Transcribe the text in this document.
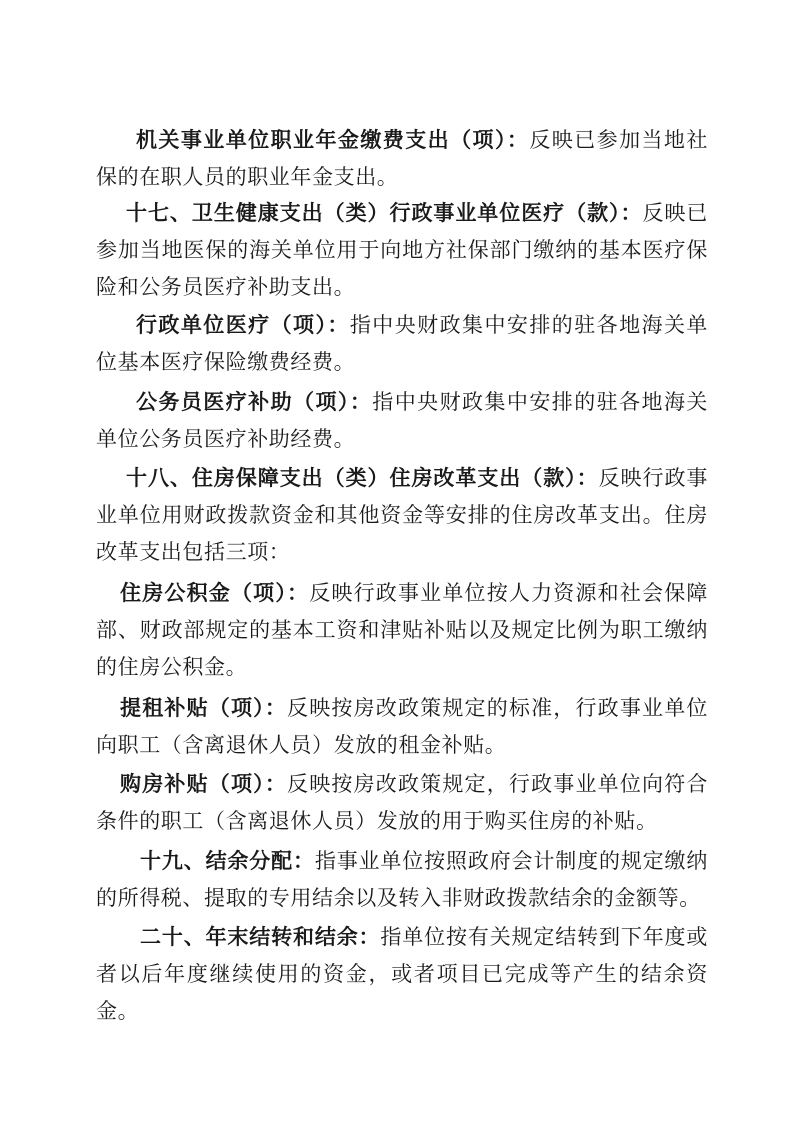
机关事业单位职业年金缴费支出（项）：反映已参加当地社保的在职人员的职业年金支出。

十七、卫生健康支出（类）行政事业单位医疗（款）：反映已参加当地医保的海关单位用于向地方社保部门缴纳的基本医疗保险和公务员医疗补助支出。

行政单位医疗（项）：指中央财政集中安排的驻各地海关单位基本医疗保险缴费经费。

公务员医疗补助（项）：指中央财政集中安排的驻各地海关单位公务员医疗补助经费。

十八、住房保障支出（类）住房改革支出（款）：反映行政事业单位用财政拨款资金和其他资金等安排的住房改革支出。住房改革支出包括三项：

住房公积金（项）：反映行政事业单位按人力资源和社会保障部、财政部规定的基本工资和津贴补贴以及规定比例为职工缴纳的住房公积金。

提租补贴（项）：反映按房改政策规定的标准，行政事业单位向职工（含离退休人员）发放的租金补贴。

购房补贴（项）：反映按房改政策规定，行政事业单位向符合条件的职工（含离退休人员）发放的用于购买住房的补贴。

十九、结余分配：指事业单位按照政府会计制度的规定缴纳的所得税、提取的专用结余以及转入非财政拨款结余的金额等。

二十、年末结转和结余：指单位按有关规定结转到下年度或者以后年度继续使用的资金，或者项目已完成等产生的结余资金。
